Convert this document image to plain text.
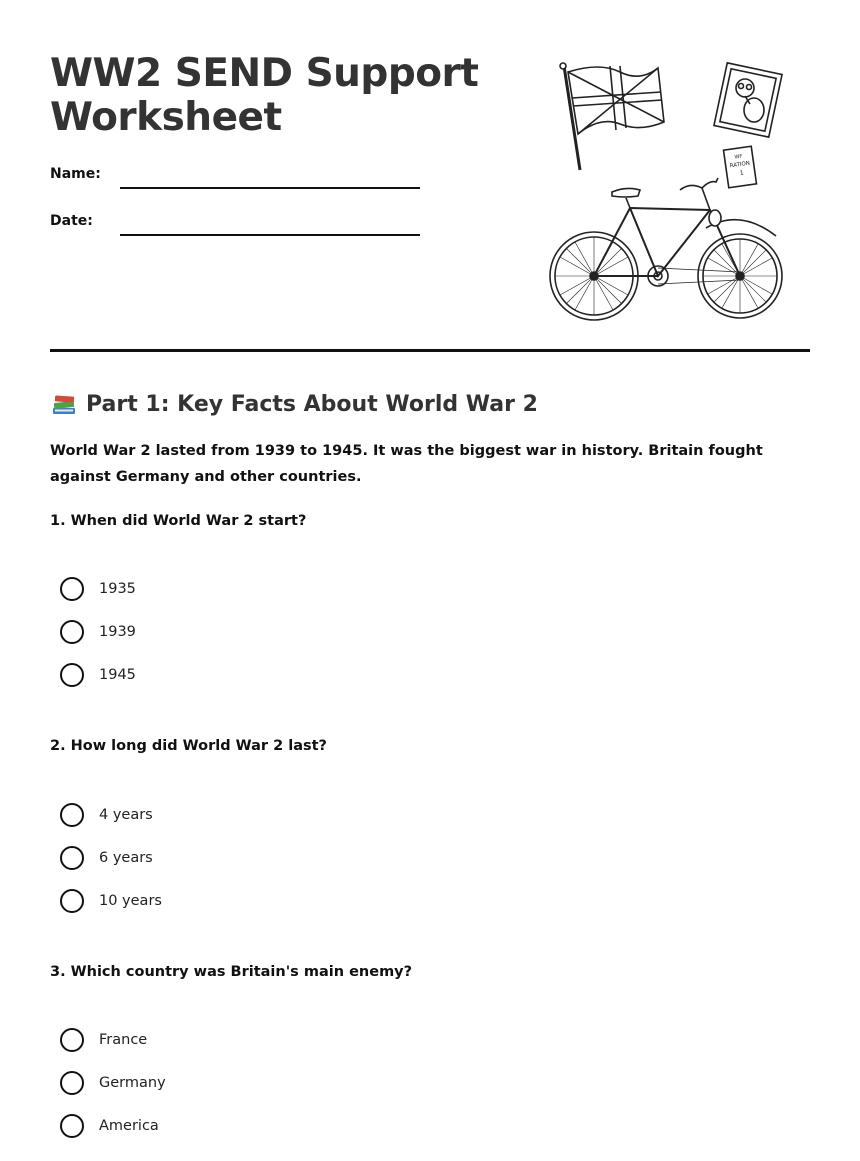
WW2 SEND Support Worksheet
Name:
Date:
WF
RATION
1
Part 1: Key Facts About World War 2
World War 2 lasted from 1939 to 1945. It was the biggest war in history. Britain fought against Germany and other countries.
1. When did World War 2 start?
1935
1939
1945
2. How long did World War 2 last?
4 years
6 years
10 years
3. Which country was Britain's main enemy?
France
Germany
America
